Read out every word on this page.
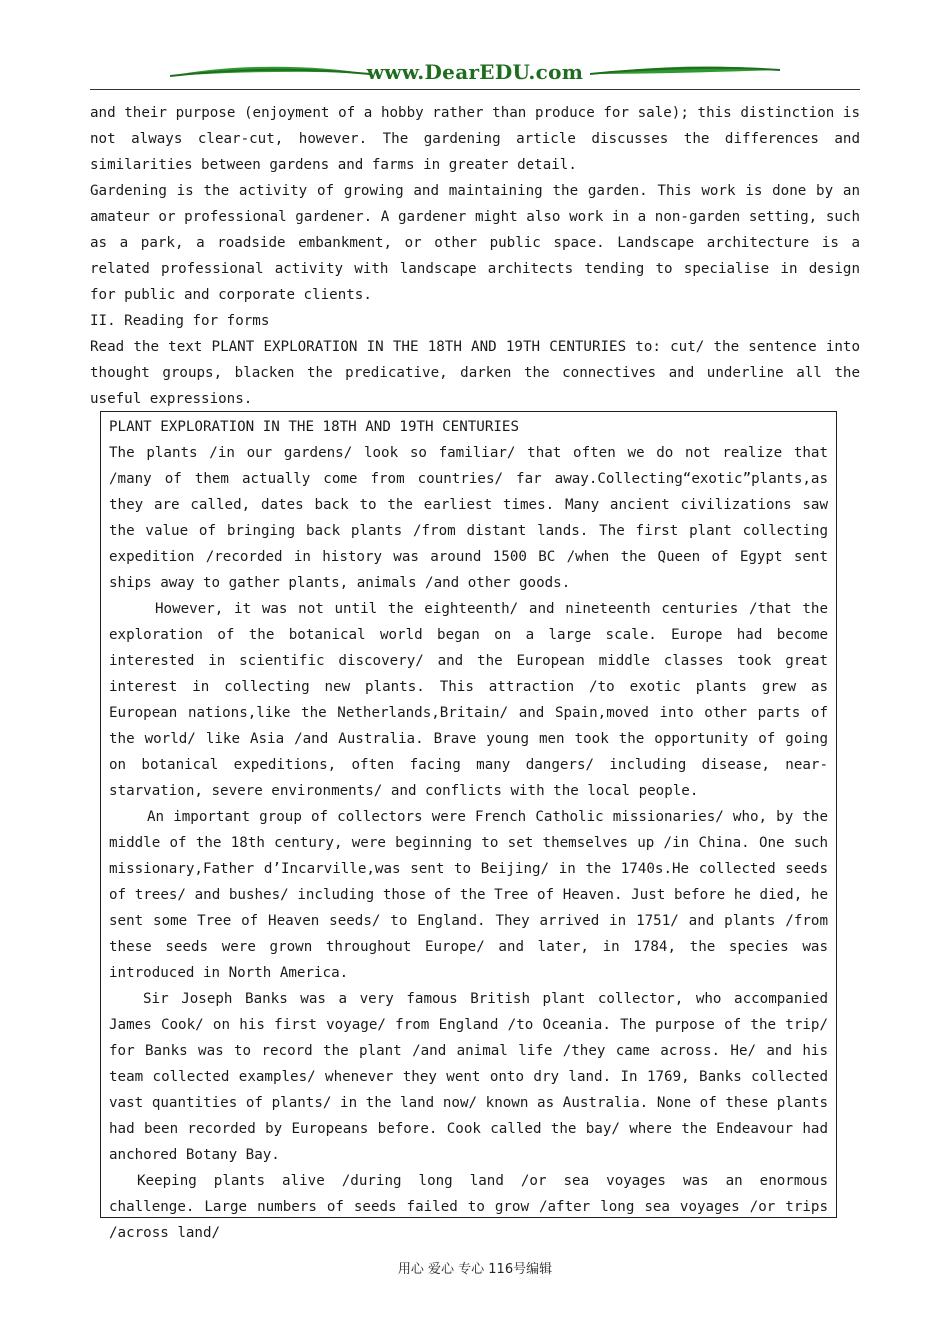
www.DearEDU.com

and their purpose (enjoyment of a hobby rather than produce for sale); this distinction is not always clear-cut, however. The gardening article discusses the differences and similarities between gardens and farms in greater detail.

Gardening is the activity of growing and maintaining the garden. This work is done by an amateur or professional gardener. A gardener might also work in a non-garden setting, such as a park, a roadside embankment, or other public space. Landscape architecture is a related professional activity with landscape architects tending to specialise in design for public and corporate clients.

II. Reading for forms

Read the text PLANT EXPLORATION IN THE 18TH AND 19TH CENTURIES to: cut/ the sentence into thought groups, blacken the predicative, darken the connectives and underline all the useful expressions.

PLANT EXPLORATION IN THE 18TH AND 19TH CENTURIES

The plants /in our gardens/ look so familiar/ that often we do not realize that /many of them actually come from countries/ far away.Collecting“exotic”plants,as they are called, dates back to the earliest times. Many ancient civilizations saw the value of bringing back plants /from distant lands. The first plant collecting expedition /recorded in history was around 1500 BC /when the Queen of Egypt sent ships away to gather plants, animals /and other goods.

However, it was not until the eighteenth/ and nineteenth centuries /that the exploration of the botanical world began on a large scale. Europe had become interested in scientific discovery/ and the European middle classes took great interest in collecting new plants. This attraction /to exotic plants grew as European nations,like the Netherlands,Britain/ and Spain,moved into other parts of the world/ like Asia /and Australia. Brave young men took the opportunity of going on botanical expeditions, often facing many dangers/ including disease, near-starvation, severe environments/ and conflicts with the local people.

An important group of collectors were French Catholic missionaries/ who, by the middle of the 18th century, were beginning to set themselves up /in China. One such missionary,Father d’Incarville,was sent to Beijing/ in the 1740s.He collected seeds of trees/ and bushes/ including those of the Tree of Heaven. Just before he died, he sent some Tree of Heaven seeds/ to England. They arrived in 1751/ and plants /from these seeds were grown throughout Europe/ and later, in 1784, the species was introduced in North America.

Sir Joseph Banks was a very famous British plant collector, who accompanied James Cook/ on his first voyage/ from England /to Oceania. The purpose of the trip/ for Banks was to record the plant /and animal life /they came across. He/ and his team collected examples/ whenever they went onto dry land. In 1769, Banks collected vast quantities of plants/ in the land now/ known as Australia. None of these plants had been recorded by Europeans before. Cook called the bay/ where the Endeavour had anchored Botany Bay.

Keeping plants alive /during long land /or sea voyages was an enormous challenge. Large numbers of seeds failed to grow /after long sea voyages /or trips /across land/

用心 爱心 专心 116号编辑
